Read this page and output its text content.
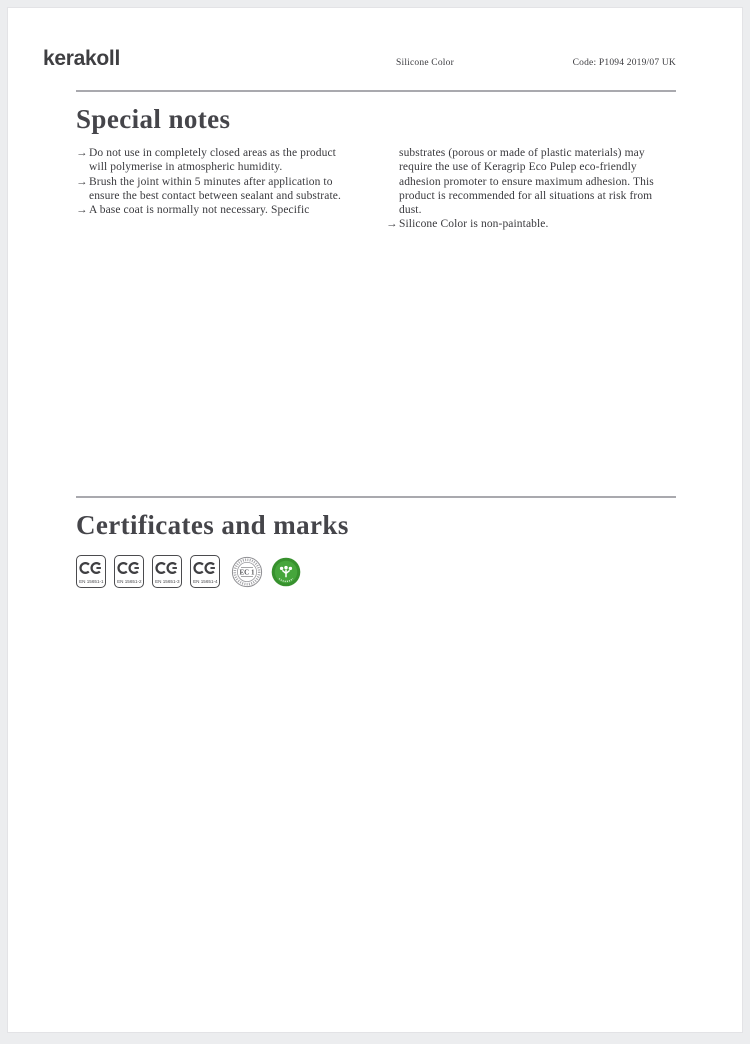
kerakoll	Silicone Color	Code: P1094 2019/07 UK
Special notes

→ Do not use in completely closed areas as the product will polymerise in atmospheric humidity.

→ Brush the joint within 5 minutes after application to ensure the best contact between sealant and substrate.

→ A base coat is normally not necessary. Specific

substrates (porous or made of plastic materials) may require the use of Keragrip Eco Pulep eco-friendly adhesion promoter to ensure maximum adhesion. This product is recommended for all situations at risk from dust.

→ Silicone Color is non-paintable.

Certificates and marks
EN 15651-1	EN 15651-2	EN 15651-3	EN 15651-4
EC 1
